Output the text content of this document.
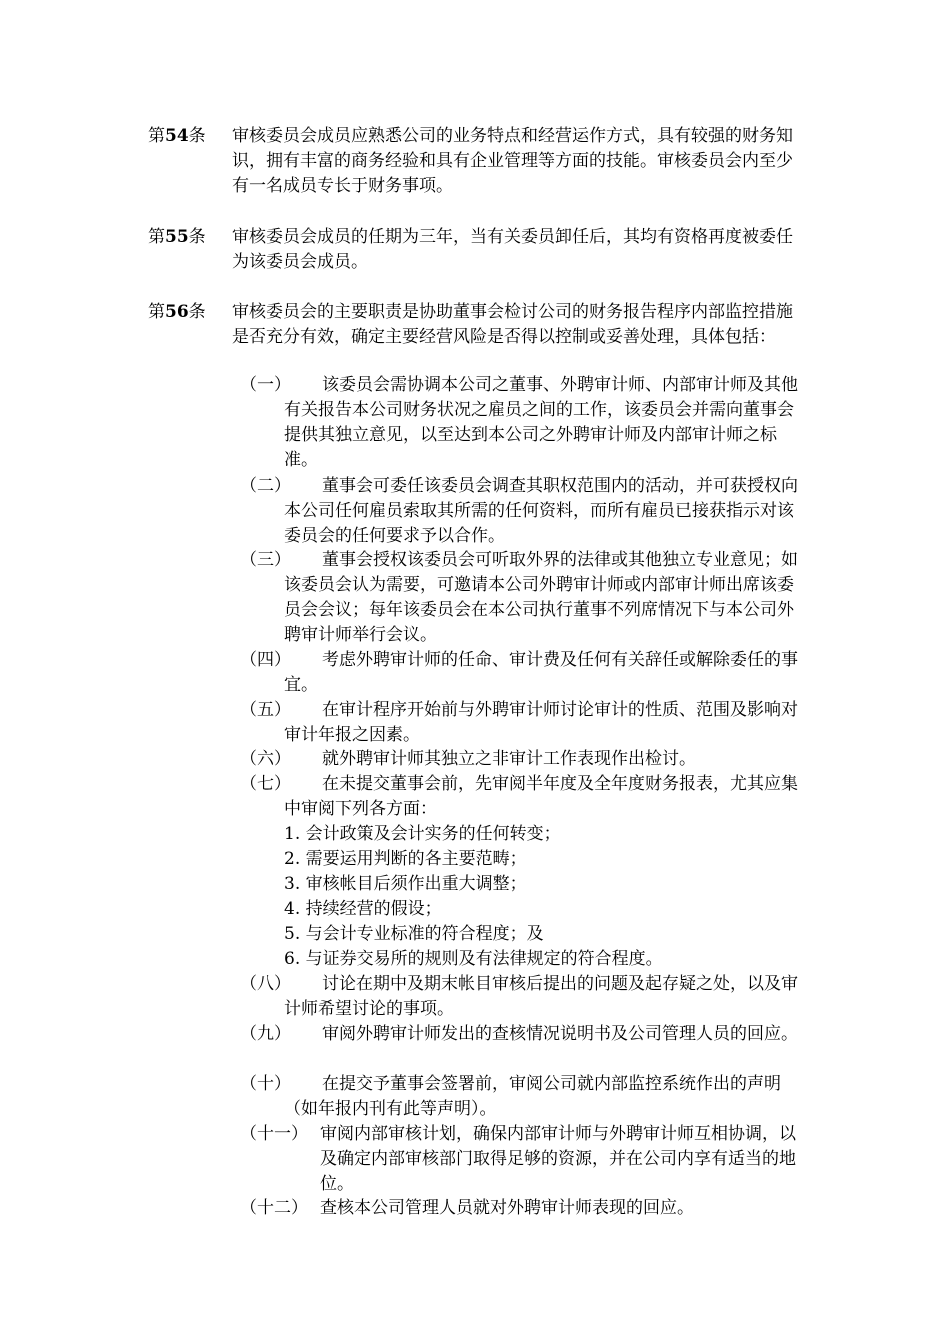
第54条 审核委员会成员应熟悉公司的业务特点和经营运作方式，具有较强的财务知识，拥有丰富的商务经验和具有企业管理等方面的技能。审核委员会内至少有一名成员专长于财务事项。
第55条 审核委员会成员的任期为三年，当有关委员卸任后，其均有资格再度被委任为该委员会成员。
第56条 审核委员会的主要职责是协助董事会检讨公司的财务报告程序内部监控措施是否充分有效，确定主要经营风险是否得以控制或妥善处理，具体包括：
（一）	该委员会需协调本公司之董事、外聘审计师、内部审计师及其他有关报告本公司财务状况之雇员之间的工作，该委员会并需向董事会提供其独立意见，以至达到本公司之外聘审计师及内部审计师之标准。
（二）	董事会可委任该委员会调查其职权范围内的活动，并可获授权向本公司任何雇员索取其所需的任何资料，而所有雇员已接获指示对该委员会的任何要求予以合作。
（三）	董事会授权该委员会可听取外界的法律或其他独立专业意见；如该委员会认为需要，可邀请本公司外聘审计师或内部审计师出席该委员会会议；每年该委员会在本公司执行董事不列席情况下与本公司外聘审计师举行会议。
（四）	考虑外聘审计师的任命、审计费及任何有关辞任或解除委任的事宜。
（五）	在审计程序开始前与外聘审计师讨论审计的性质、范围及影响对审计年报之因素。
（六）	就外聘审计师其独立之非审计工作表现作出检讨。
（七）	在未提交董事会前，先审阅半年度及全年度财务报表，尤其应集中审阅下列各方面：
1. 会计政策及会计实务的任何转变；
2. 需要运用判断的各主要范畴；
3. 审核帐目后须作出重大调整；
4. 持续经营的假设；
5. 与会计专业标准的符合程度；及
6. 与证券交易所的规则及有法律规定的符合程度。
（八）	讨论在期中及期末帐目审核后提出的问题及起存疑之处，以及审计师希望讨论的事项。
（九）	审阅外聘审计师发出的查核情况说明书及公司管理人员的回应。
（十）	在提交予董事会签署前，审阅公司就内部监控系统作出的声明（如年报内刊有此等声明）。
（十一） 审阅内部审核计划，确保内部审计师与外聘审计师互相协调，以及确定内部审核部门取得足够的资源，并在公司内享有适当的地位。
（十二） 查核本公司管理人员就对外聘审计师表现的回应。
